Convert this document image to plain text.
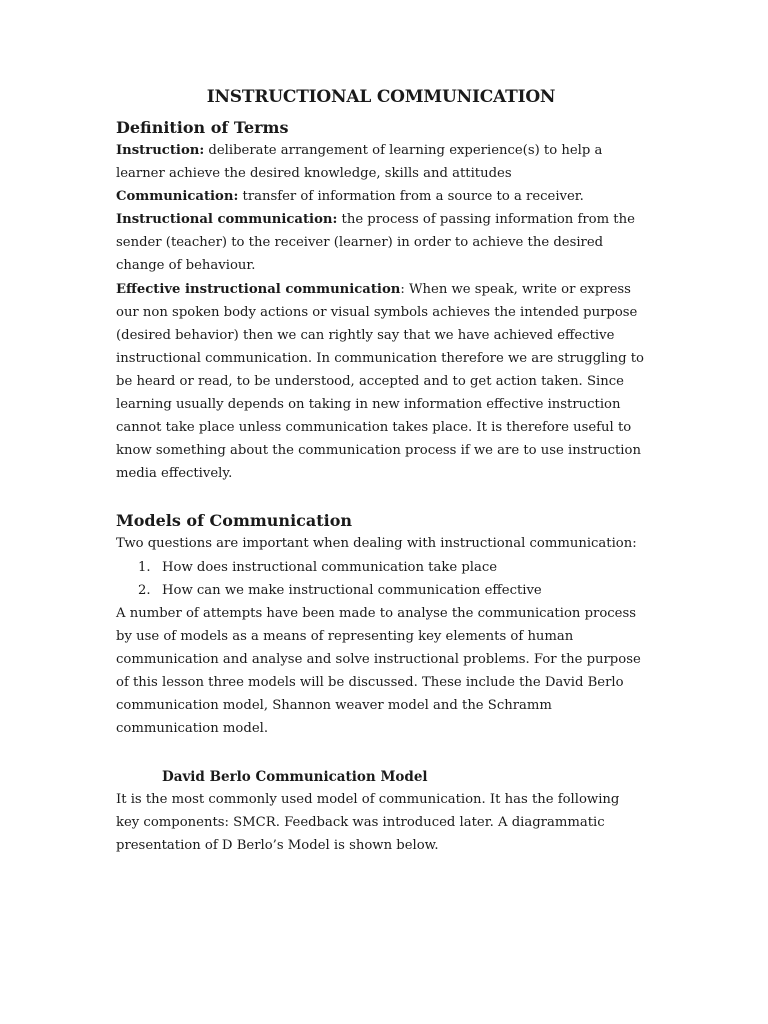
INSTRUCTIONAL COMMUNICATION
Definition of Terms

Instruction: deliberate arrangement of learning experience(s) to help a learner achieve the desired knowledge, skills and attitudes

Communication: transfer of information from a source to a receiver.

Instructional communication: the process of passing information from the sender (teacher) to the receiver (learner) in order to achieve the desired change of behaviour.

Effective instructional communication: When we speak, write or express our non spoken body actions or visual symbols achieves the intended purpose (desired behavior) then we can rightly say that we have achieved effective instructional communication. In communication therefore we are struggling to be heard or read, to be understood, accepted and to get action taken. Since learning usually depends on taking in new information effective instruction cannot take place unless communication takes place. It is therefore useful to know something about the communication process if we are to use instruction media effectively.

Models of Communication

Two questions are important when dealing with instructional communication:

1. How does instructional communication take place
2. How can we make instructional communication effective

A number of attempts have been made to analyse the communication process by use of models as a means of representing key elements of human communication and analyse and solve instructional problems. For the purpose of this lesson three models will be discussed. These include the David Berlo communication model, Shannon weaver model and the Schramm communication model.

David Berlo Communication Model

It is the most commonly used model of communication. It has the following key components: SMCR. Feedback was introduced later. A diagrammatic presentation of D Berlo’s Model is shown below.
